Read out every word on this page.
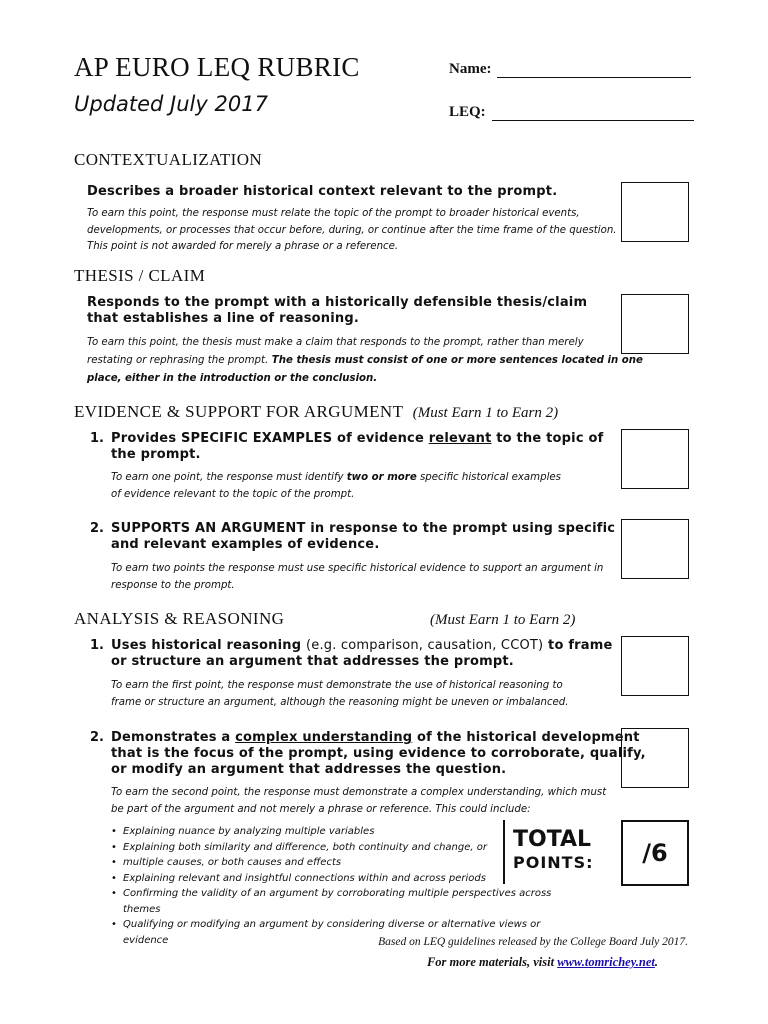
AP EURO LEQ RUBRIC
Updated July 2017
Name:
LEQ:
CONTEXTUALIZATION
Describes a broader historical context relevant to the prompt.
To earn this point, the response must relate the topic of the prompt to broader historical events,
developments, or processes that occur before, during, or continue after the time frame of the question.
This point is not awarded for merely a phrase or a reference.
THESIS / CLAIM
Responds to the prompt with a historically defensible thesis/claim
that establishes a line of reasoning.
To earn this point, the thesis must make a claim that responds to the prompt, rather than merely
restating or rephrasing the prompt. The thesis must consist of one or more sentences located in one
place, either in the introduction or the conclusion.
EVIDENCE & SUPPORT FOR ARGUMENT (Must Earn 1 to Earn 2)
1. Provides SPECIFIC EXAMPLES of evidence relevant to the topic of
the prompt.
To earn one point, the response must identify two or more specific historical examples
of evidence relevant to the topic of the prompt.
2. SUPPORTS AN ARGUMENT in response to the prompt using specific
and relevant examples of evidence.
To earn two points the response must use specific historical evidence to support an argument in
response to the prompt.
ANALYSIS & REASONING	(Must Earn 1 to Earn 2)
1. Uses historical reasoning (e.g. comparison, causation, CCOT) to frame
or structure an argument that addresses the prompt.
To earn the first point, the response must demonstrate the use of historical reasoning to
frame or structure an argument, although the reasoning might be uneven or imbalanced.
2. Demonstrates a complex understanding of the historical development
that is the focus of the prompt, using evidence to corroborate, qualify,
or modify an argument that addresses the question.
To earn the second point, the response must demonstrate a complex understanding, which must
be part of the argument and not merely a phrase or reference. This could include:
• Explaining nuance by analyzing multiple variables
• Explaining both similarity and difference, both continuity and change, or
• multiple causes, or both causes and effects
• Explaining relevant and insightful connections within and across periods
• Confirming the validity of an argument by corroborating multiple perspectives across themes
• Qualifying or modifying an argument by considering diverse or alternative views or evidence
TOTAL
POINTS: /6
Based on LEQ guidelines released by the College Board July 2017.
For more materials, visit www.tomrichey.net.
